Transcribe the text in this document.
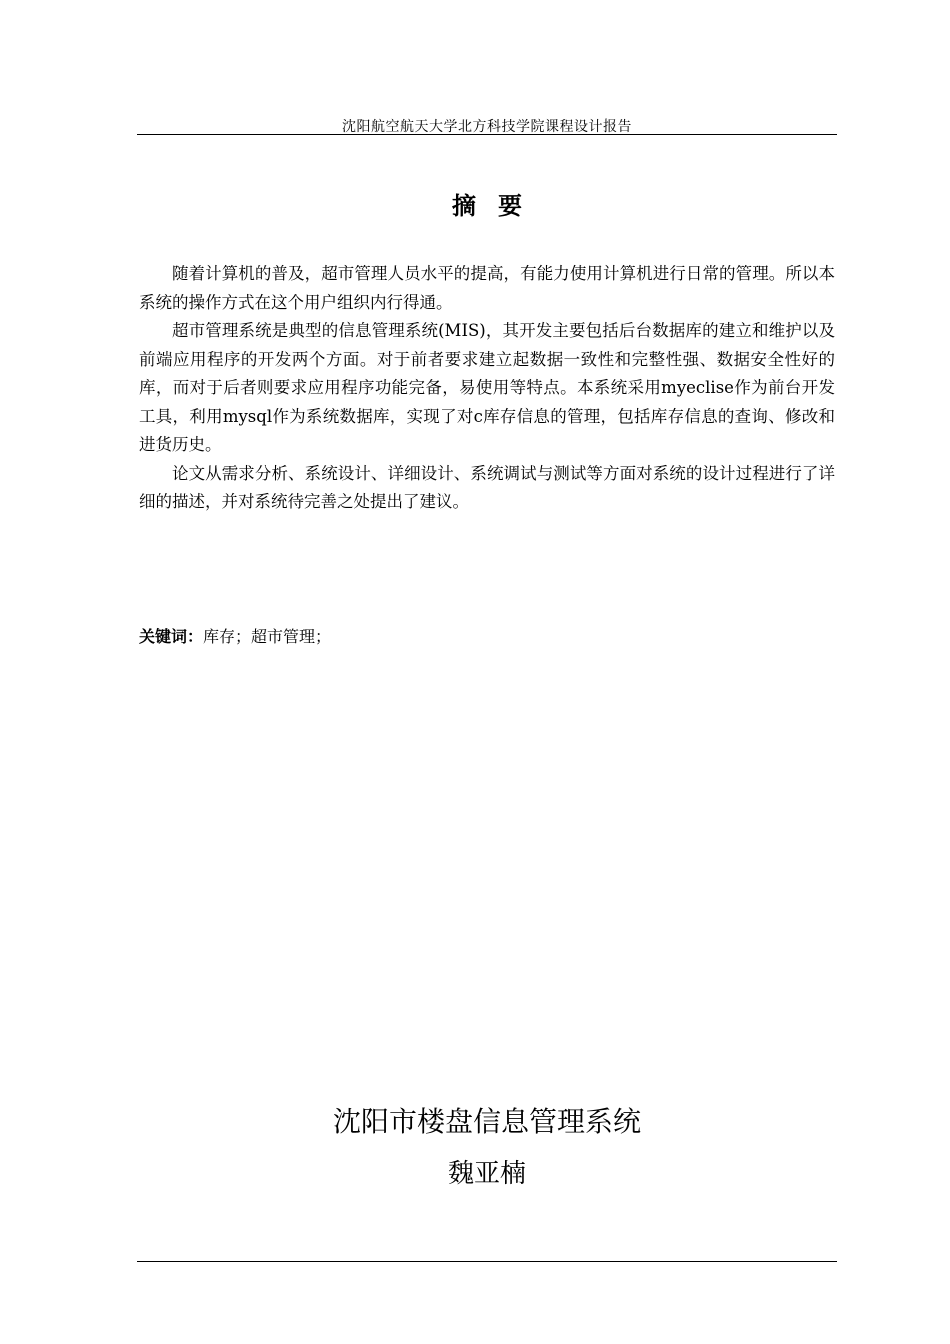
沈阳航空航天大学北方科技学院课程设计报告
摘要

随着计算机的普及，超市管理人员水平的提高，有能力使用计算机进行日常的管理。所以本系统的操作方式在这个用户组织内行得通。

超市管理系统是典型的信息管理系统(MIS)，其开发主要包括后台数据库的建立和维护以及前端应用程序的开发两个方面。对于前者要求建立起数据一致性和完整性强、数据安全性好的库，而对于后者则要求应用程序功能完备，易使用等特点。本系统采用myeclise作为前台开发工具，利用mysql作为系统数据库，实现了对c库存信息的管理，包括库存信息的查询、修改和进货历史。

论文从需求分析、系统设计、详细设计、系统调试与测试等方面对系统的设计过程进行了详细的描述，并对系统待完善之处提出了建议。

关键词：库存；超市管理；
沈阳市楼盘信息管理系统
魏亚楠
